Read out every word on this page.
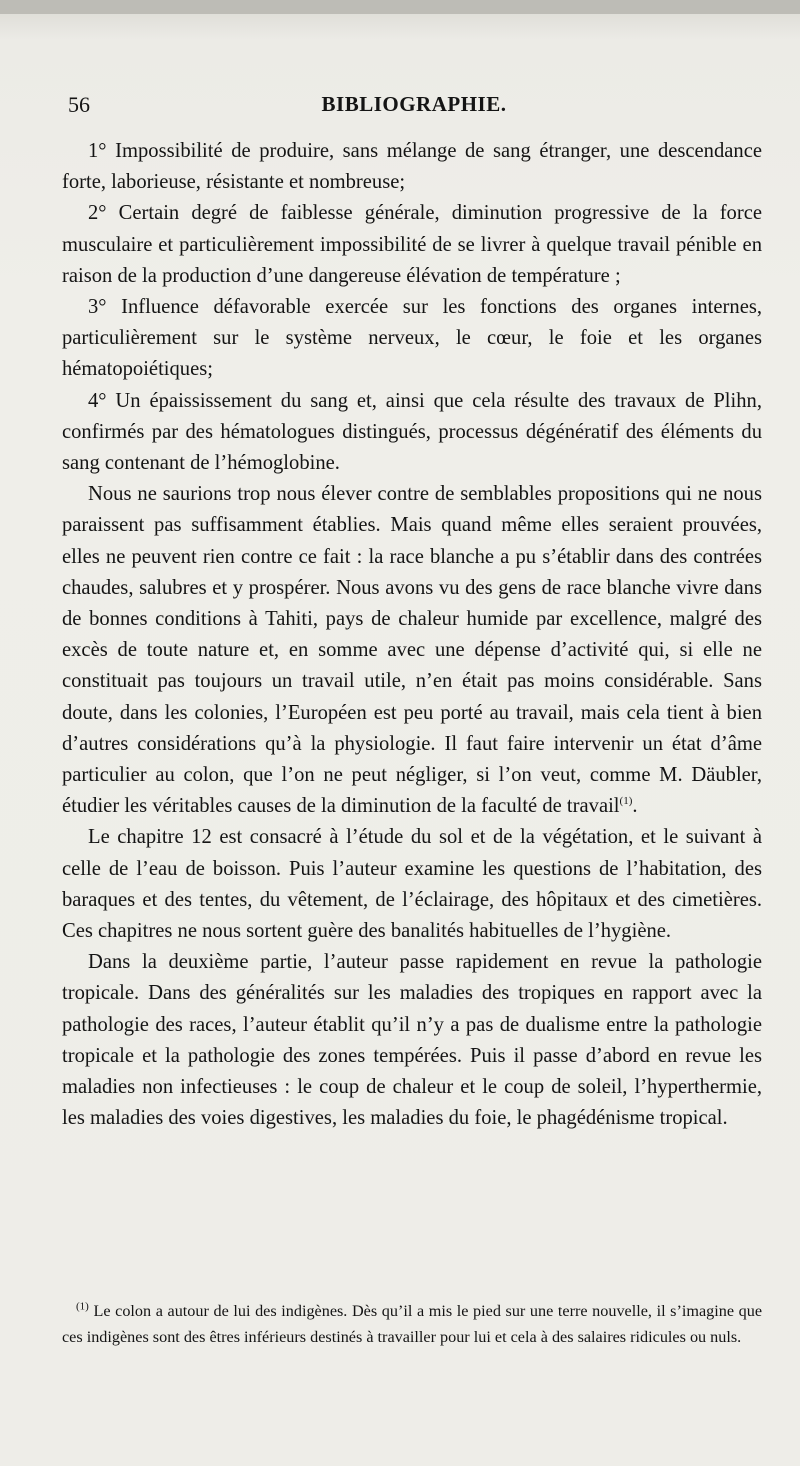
56	BIBLIOGRAPHIE.

1° Impossibilité de produire, sans mélange de sang étranger, une descendance forte, laborieuse, résistante et nombreuse;

2° Certain degré de faiblesse générale, diminution progressive de la force musculaire et particulièrement impossibilité de se livrer à quelque travail pénible en raison de la production d’une dangereuse élévation de température ;

3° Influence défavorable exercée sur les fonctions des organes internes, particulièrement sur le système nerveux, le cœur, le foie et les organes hématopoiétiques;

4° Un épaississement du sang et, ainsi que cela résulte des travaux de Plihn, confirmés par des hématologues distingués, processus dégénératif des éléments du sang contenant de l’hémoglobine.

Nous ne saurions trop nous élever contre de semblables propositions qui ne nous paraissent pas suffisamment établies. Mais quand même elles seraient prouvées, elles ne peuvent rien contre ce fait : la race blanche a pu s’établir dans des contrées chaudes, salubres et y prospérer. Nous avons vu des gens de race blanche vivre dans de bonnes conditions à Tahiti, pays de chaleur humide par excellence, malgré des excès de toute nature et, en somme avec une dépense d’activité qui, si elle ne constituait pas toujours un travail utile, n’en était pas moins considérable. Sans doute, dans les colonies, l’Européen est peu porté au travail, mais cela tient à bien d’autres considérations qu’à la physiologie. Il faut faire intervenir un état d’âme particulier au colon, que l’on ne peut négliger, si l’on veut, comme M. Däubler, étudier les véritables causes de la diminution de la faculté de travail$^{(1)}$.

Le chapitre 12 est consacré à l’étude du sol et de la végétation, et le suivant à celle de l’eau de boisson. Puis l’auteur examine les questions de l’habitation, des baraques et des tentes, du vêtement, de l’éclairage, des hôpitaux et des cimetières. Ces chapitres ne nous sortent guère des banalités habituelles de l’hygiène.

Dans la deuxième partie, l’auteur passe rapidement en revue la pathologie tropicale. Dans des généralités sur les maladies des tropiques en rapport avec la pathologie des races, l’auteur établit qu’il n’y a pas de dualisme entre la pathologie tropicale et la pathologie des zones tempérées. Puis il passe d’abord en revue les maladies non infectieuses : le coup de chaleur et le coup de soleil, l’hyperthermie, les maladies des voies digestives, les maladies du foie, le phagédénisme tropical.

$^{(1)}$ Le colon a autour de lui des indigènes. Dès qu’il a mis le pied sur une terre nouvelle, il s’imagine que ces indigènes sont des êtres inférieurs destinés à travailler pour lui et cela à des salaires ridicules ou nuls.
